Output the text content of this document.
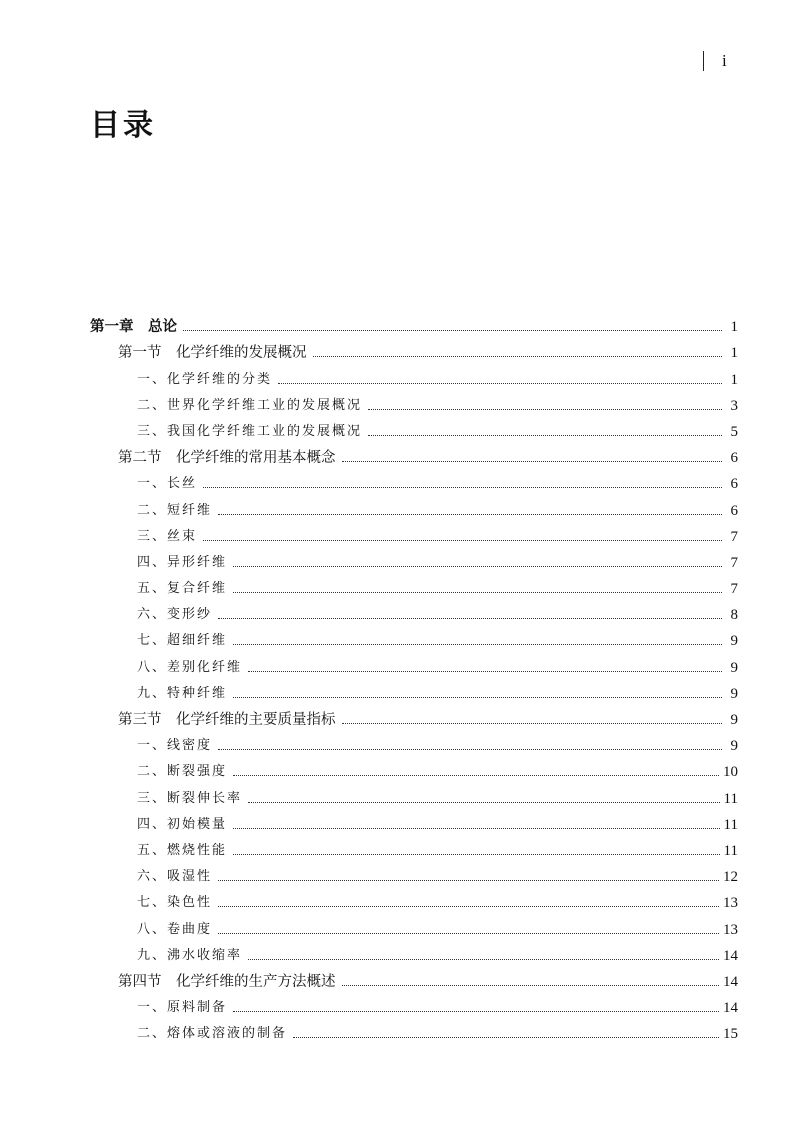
i
目录
第一章　总论	1
第一节　化学纤维的发展概况	1
一、化学纤维的分类	1
二、世界化学纤维工业的发展概况	3
三、我国化学纤维工业的发展概况	5
第二节　化学纤维的常用基本概念	6
一、长丝	6
二、短纤维	6
三、丝束	7
四、异形纤维	7
五、复合纤维	7
六、变形纱	8
七、超细纤维	9
八、差别化纤维	9
九、特种纤维	9
第三节　化学纤维的主要质量指标	9
一、线密度	9
二、断裂强度	10
三、断裂伸长率	11
四、初始模量	11
五、燃烧性能	11
六、吸湿性	12
七、染色性	13
八、卷曲度	13
九、沸水收缩率	14
第四节　化学纤维的生产方法概述	14
一、原料制备	14
二、熔体或溶液的制备	15
